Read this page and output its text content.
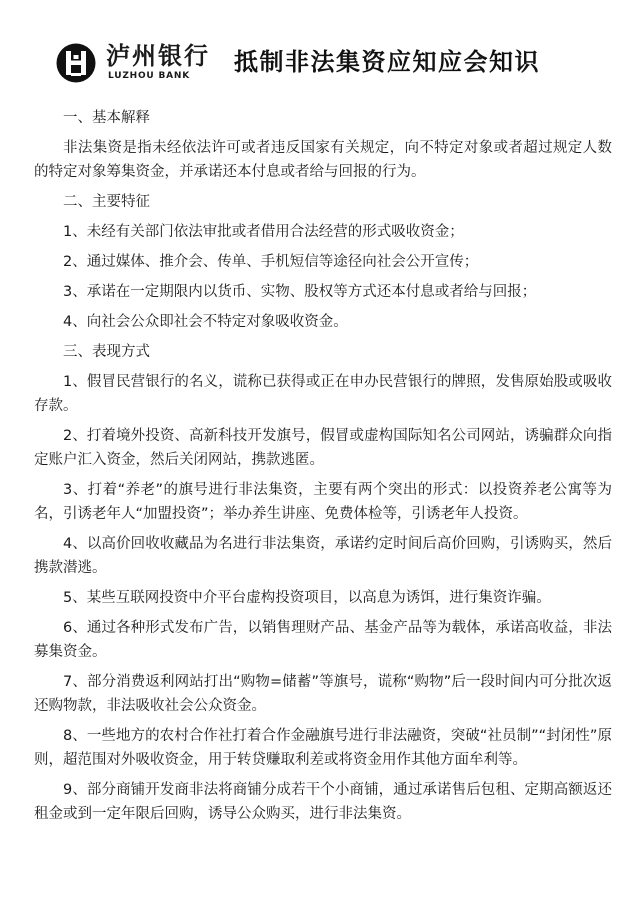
泸州银行
LUZHOU BANK 抵制非法集资应知应会知识
一、基本解释
非法集资是指未经依法许可或者违反国家有关规定，向不特定对象或者超过规定人数的特定对象筹集资金，并承诺还本付息或者给与回报的行为。
二、主要特征
1、未经有关部门依法审批或者借用合法经营的形式吸收资金；
2、通过媒体、推介会、传单、手机短信等途径向社会公开宣传；
3、承诺在一定期限内以货币、实物、股权等方式还本付息或者给与回报；
4、向社会公众即社会不特定对象吸收资金。
三、表现方式
1、假冒民营银行的名义，谎称已获得或正在申办民营银行的牌照，发售原始股或吸收存款。
2、打着境外投资、高新科技开发旗号，假冒或虚构国际知名公司网站，诱骗群众向指定账户汇入资金，然后关闭网站，携款逃匿。
3、打着“养老”的旗号进行非法集资，主要有两个突出的形式：以投资养老公寓等为名，引诱老年人“加盟投资”；举办养生讲座、免费体检等，引诱老年人投资。
4、以高价回收收藏品为名进行非法集资，承诺约定时间后高价回购，引诱购买，然后携款潜逃。
5、某些互联网投资中介平台虚构投资项目，以高息为诱饵，进行集资诈骗。
6、通过各种形式发布广告，以销售理财产品、基金产品等为载体，承诺高收益，非法募集资金。
7、部分消费返利网站打出“购物=储蓄”等旗号，谎称“购物”后一段时间内可分批次返还购物款，非法吸收社会公众资金。
8、一些地方的农村合作社打着合作金融旗号进行非法融资，突破“社员制”“封闭性”原则，超范围对外吸收资金，用于转贷赚取利差或将资金用作其他方面牟利等。
9、部分商铺开发商非法将商铺分成若干个小商铺，通过承诺售后包租、定期高额返还租金或到一定年限后回购，诱导公众购买，进行非法集资。
